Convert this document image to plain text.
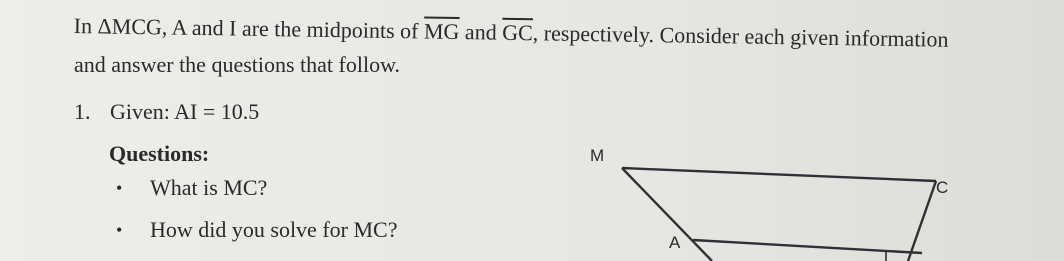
In ΔMCG, A and I are the midpoints of $\overline{MG}$ and $\overline{GC}$, respectively. Consider each given information
and answer the questions that follow.
1. Given: AI = 10.5
Questions:
• What is MC?
• How did you solve for MC?
M
C
A
